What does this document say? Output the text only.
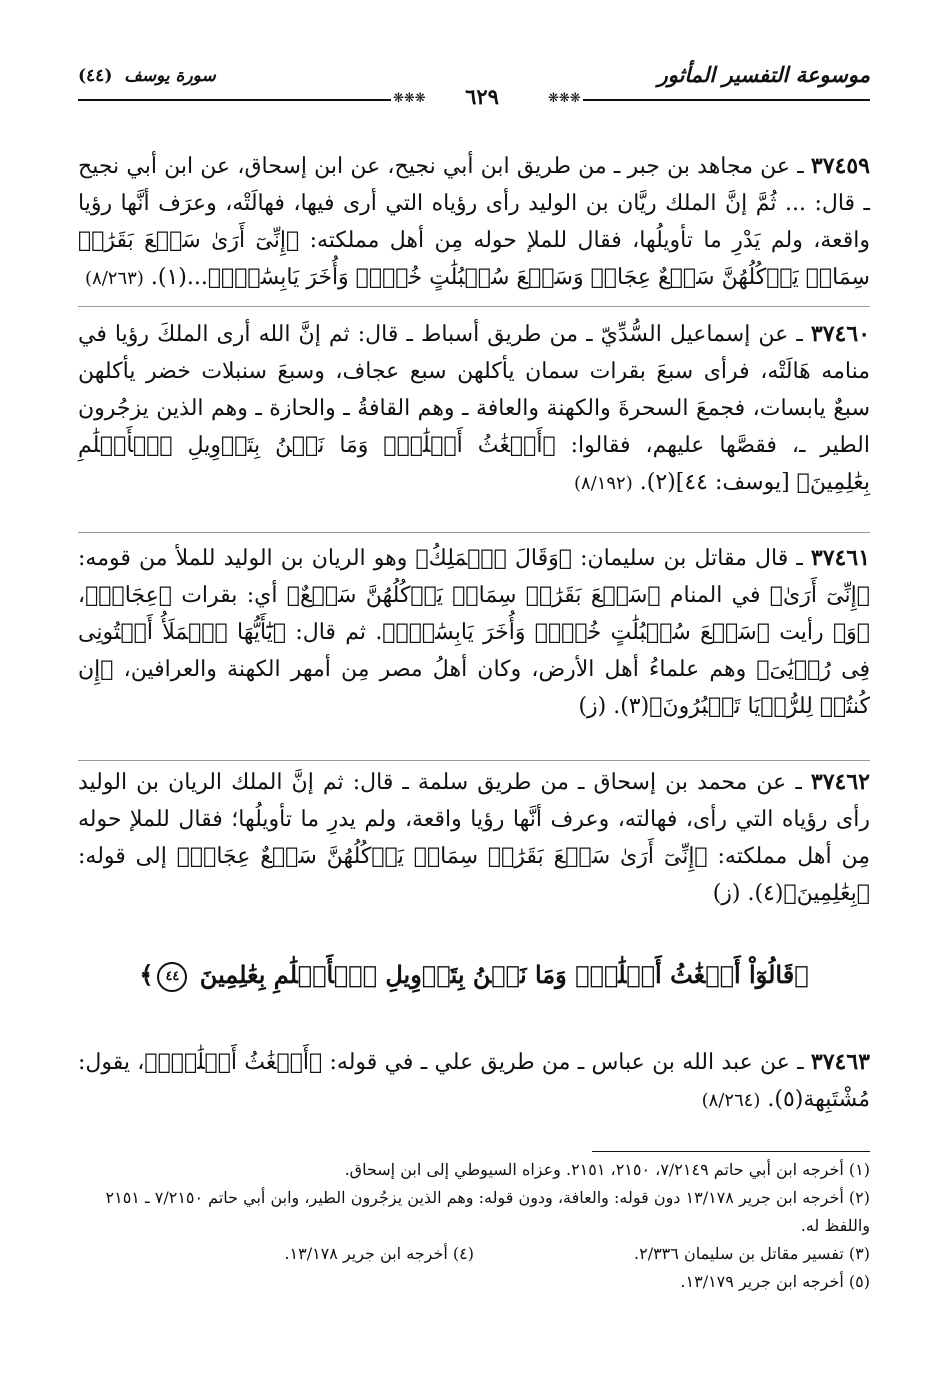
موسوعة التفسير المأثور
سورة يوسف (٤٤)
❋❋❋
٦٢٩
❋❋❋

٣٧٤٥٩ ـ عن مجاهد بن جبر ـ من طريق ابن أبي نجيح، عن ابن إسحاق، عن ابن أبي نجيح ـ قال: ... ثُمَّ إنَّ الملك ريَّان بن الوليد رأى رؤياه التي أرى فيها، فهالَتْه، وعرَف أنَّها رؤيا واقعة، ولم يَدْرِ ما تأويلُها، فقال للملإ حوله مِن أهل مملكته: ﴿إِنِّىٓ أَرَىٰ سَبۡعَ بَقَرَٰتٖ سِمَانٖ يَأۡكُلُهُنَّ سَبۡعٌ عِجَافٞ وَسَبۡعَ سُنۢبُلَٰتٍ خُضۡرٖ وَأُخَرَ يَابِسَٰتٖۖ﴾...(١). (٨/٢٦٣)

٣٧٤٦٠ ـ عن إسماعيل السُّدِّيّ ـ من طريق أسباط ـ قال: ثم إنَّ الله أرى الملكَ رؤيا في منامه هَالَتْه، فرأى سبعَ بقرات سمان يأكلهن سبع عجاف، وسبعَ سنبلات خضر يأكلهن سبعٌ يابسات، فجمعَ السحرةَ والكهنة والعافة ـ وهم القافةُ ـ والحازة ـ وهم الذين يزجُرون الطير ـ، فقصَّها عليهم، فقالوا: ﴿أَضۡغَٰثُ أَحۡلَٰمٖۖ وَمَا نَحۡنُ بِتَأۡوِيلِ ٱلۡأَحۡلَٰمِ بِعَٰلِمِينَ﴾ [يوسف: ٤٤](٢). (٨/١٩٢)

٣٧٤٦١ ـ قال مقاتل بن سليمان: ﴿وَقَالَ ٱلۡمَلِكُ﴾ وهو الريان بن الوليد للملأ من قومه: ﴿إِنِّىٓ أَرَىٰ﴾ في المنام ﴿سَبۡعَ بَقَرَٰتٖ سِمَانٖ يَأۡكُلُهُنَّ سَبۡعٌ﴾ أي: بقرات ﴿عِجَافٞ﴾، ﴿وَ﴾ رأيت ﴿سَبۡعَ سُنۢبُلَٰتٍ خُضۡرٖ وَأُخَرَ يَابِسَٰتٖۖ﴾. ثم قال: ﴿يَٰٓأَيُّهَا ٱلۡمَلَأُ أَفۡتُونِى فِى رُءۡيَٰىَ﴾ وهم علماءُ أهل الأرض، وكان أهلُ مصر مِن أمهر الكهنة والعرافين، ﴿إِن كُنتُمۡ لِلرُّءۡيَا تَعۡبُرُونَ﴾(٣). (ز)

٣٧٤٦٢ ـ عن محمد بن إسحاق ـ من طريق سلمة ـ قال: ثم إنَّ الملك الريان بن الوليد رأى رؤياه التي رأى، فهالته، وعرف أنَّها رؤيا واقعة، ولم يدرِ ما تأويلُها؛ فقال للملإ حوله مِن أهل مملكته: ﴿إِنِّىٓ أَرَىٰ سَبۡعَ بَقَرَٰتٖ سِمَانٖ يَأۡكُلُهُنَّ سَبۡعٌ عِجَافٞ﴾ إلى قوله: ﴿بِعَٰلِمِينَ﴾(٤). (ز)

﴿قَالُوٓاْ أَضۡغَٰثُ أَحۡلَٰمٖۖ وَمَا نَحۡنُ بِتَأۡوِيلِ ٱلۡأَحۡلَٰمِ بِعَٰلِمِينَ ٤٤﴾

٣٧٤٦٣ ـ عن عبد الله بن عباس ـ من طريق علي ـ في قوله: ﴿أَضۡغَٰثُ أَحۡلَٰمٖۖ﴾، يقول: مُشْتَبِهة(٥). (٨/٢٦٤)

(١) أخرجه ابن أبي حاتم ٧/٢١٤٩، ٢١٥٠، ٢١٥١. وعزاه السيوطي إلى ابن إسحاق.

(٢) أخرجه ابن جرير ١٣/١٧٨ دون قوله: والعافة، ودون قوله: وهم الذين يزجُرون الطير، وابن أبي حاتم ٧/٢١٥٠ ـ ٢١٥١ واللفظ له.

(٣) تفسير مقاتل بن سليمان ٢/٣٣٦.

(٤) أخرجه ابن جرير ١٣/١٧٨.

(٥) أخرجه ابن جرير ١٣/١٧٩.
